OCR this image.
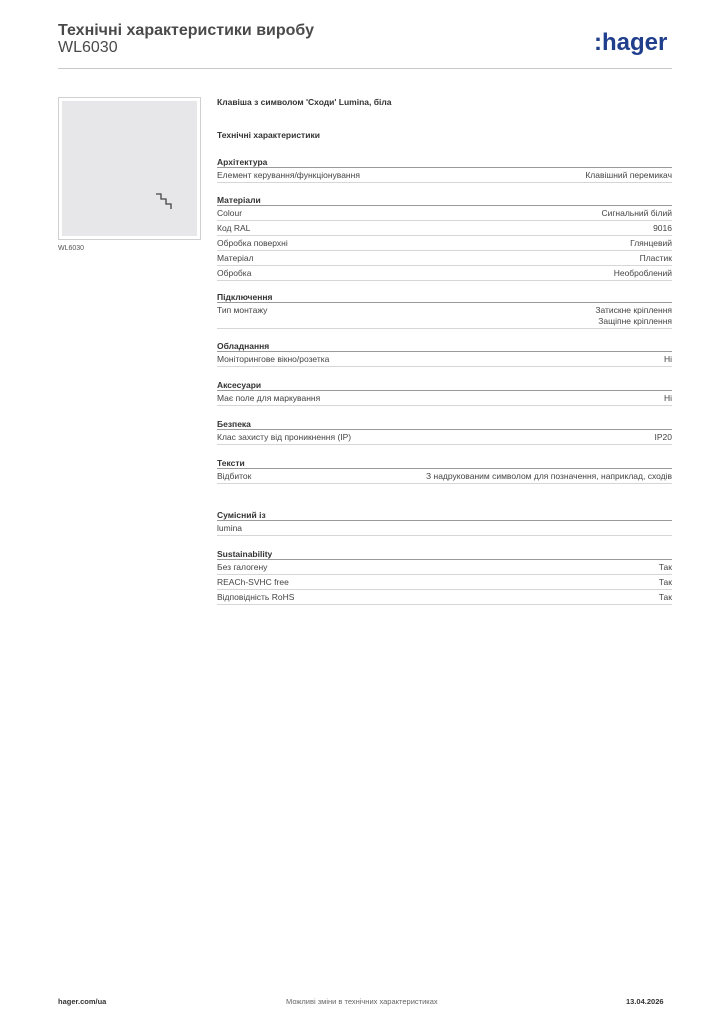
Технічні характеристики виробу
WL6030	:hager
WL6030
Клавіша з символом 'Сходи' Lumina, біла
Технічні характеристики
Архітектура
Елемент керування/функціонування	Клавішний перемикач
Матеріали
Colour	Сигнальний білий
Код RAL	9016
Обробка поверхні	Глянцевий
Матеріал	Пластик
Обробка	Необроблений
Підключення
Тип монтажу	Затискне кріплення
Защіпне кріплення
Обладнання
Моніторингове вікно/розетка	Ні
Аксесуари
Має поле для маркування	Ні
Безпека
Клас захисту від проникнення (IP)	IP20
Тексти
Відбиток	З надрукованим символом для позначення, наприклад, сходів
Сумісний із
lumina
Sustainability
Без галогену	Так
REACh-SVHC free	Так
Відповідність RoHS	Так
hager.com/ua	Можливі зміни в технічних характеристиках	13.04.2026
